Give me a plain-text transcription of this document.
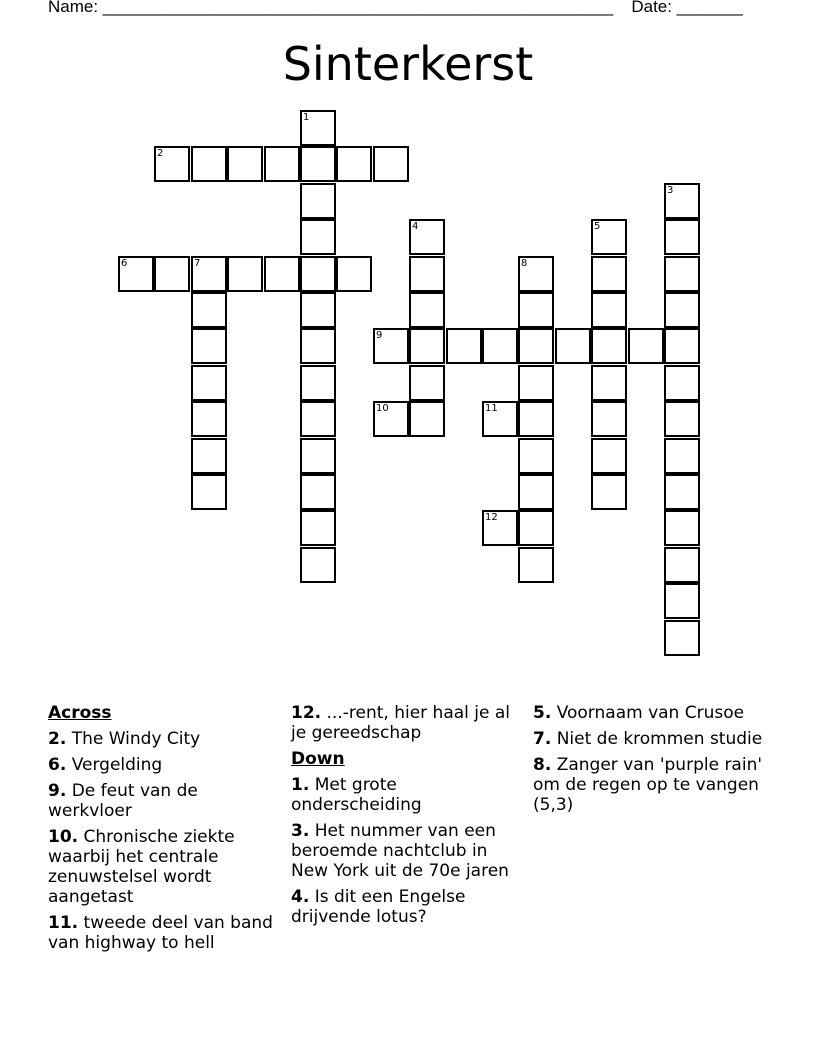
Name: ______________________________________________________ Date: _______
Sinterkerst
1
2
3
4	5
6	7	8
9
10	11
12
Across
2. The Windy City
6. Vergelding
9. De feut van de werkvloer
10. Chronische ziekte waarbij het centrale zenuwstelsel wordt aangetast
11. tweede deel van band van highway to hell
12. ...-rent, hier haal je al je gereedschap
Down
1. Met grote onderscheiding
3. Het nummer van een beroemde nachtclub in New York uit de 70e jaren
4. Is dit een Engelse drijvende lotus?
5. Voornaam van Crusoe
7. Niet de krommen studie
8. Zanger van 'purple rain' om de regen op te vangen (5,3)
